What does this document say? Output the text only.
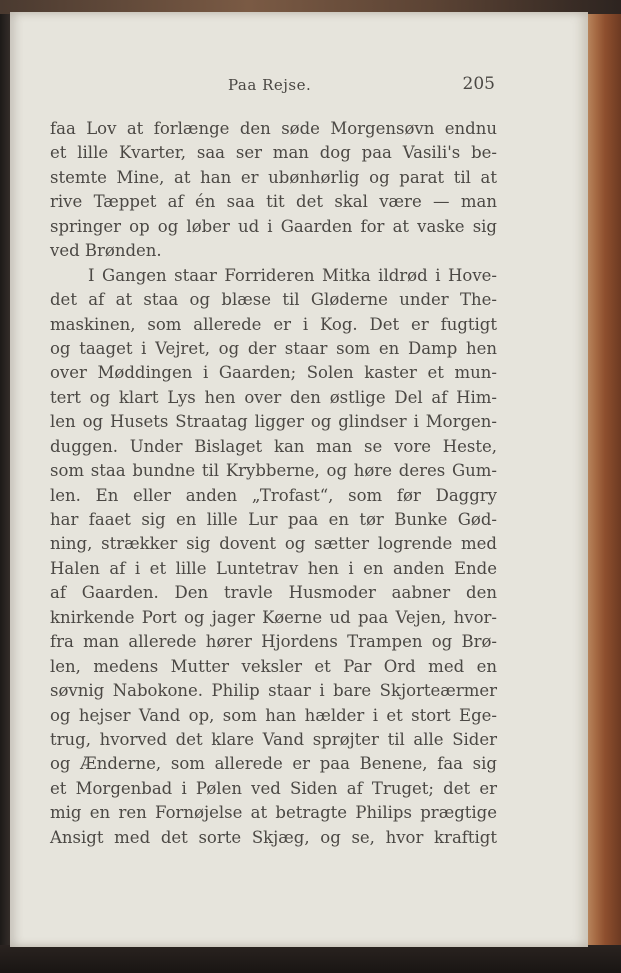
Paa Rejse.	205
faa Lov at forlænge den søde Morgensøvn endnu
et lille Kvarter, saa ser man dog paa Vasili's be-
stemte Mine, at han er ubønhørlig og parat til at
rive Tæppet af én saa tit det skal være — man
springer op og løber ud i Gaarden for at vaske sig
ved Brønden.
I Gangen staar Forrideren Mitka ildrød i Hove-
det af at staa og blæse til Gløderne under The-
maskinen, som allerede er i Kog. Det er fugtigt
og taaget i Vejret, og der staar som en Damp hen
over Møddingen i Gaarden; Solen kaster et mun-
tert og klart Lys hen over den østlige Del af Him-
len og Husets Straatag ligger og glindser i Morgen-
duggen. Under Bislaget kan man se vore Heste,
som staa bundne til Krybberne, og høre deres Gum-
len. En eller anden „Trofast“, som før Daggry
har faaet sig en lille Lur paa en tør Bunke Gød-
ning, strækker sig dovent og sætter logrende med
Halen af i et lille Luntetrav hen i en anden Ende
af Gaarden. Den travle Husmoder aabner den
knirkende Port og jager Køerne ud paa Vejen, hvor-
fra man allerede hører Hjordens Trampen og Brø-
len, medens Mutter veksler et Par Ord med en
søvnig Nabokone. Philip staar i bare Skjorteærmer
og hejser Vand op, som han hælder i et stort Ege-
trug, hvorved det klare Vand sprøjter til alle Sider
og Ænderne, som allerede er paa Benene, faa sig
et Morgenbad i Pølen ved Siden af Truget; det er
mig en ren Fornøjelse at betragte Philips prægtige
Ansigt med det sorte Skjæg, og se, hvor kraftigt
